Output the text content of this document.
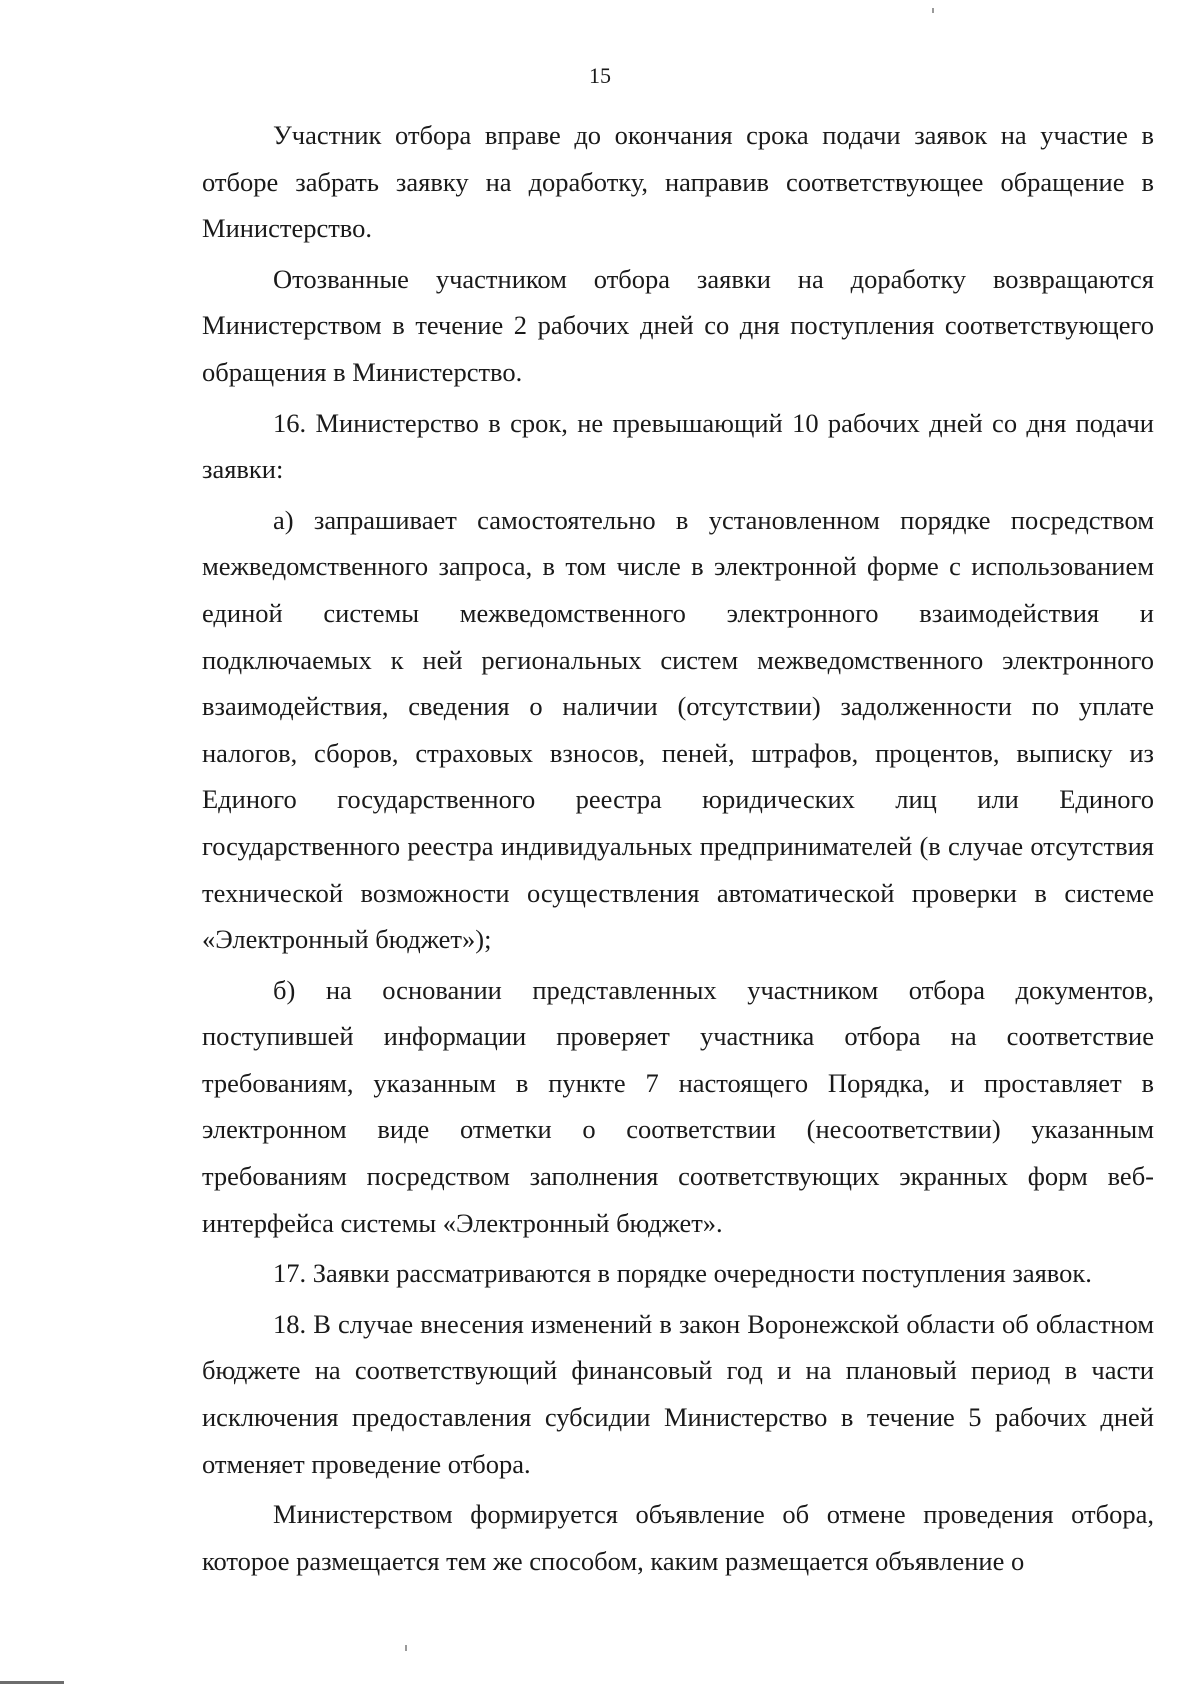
15

Участник отбора вправе до окончания срока подачи заявок на участие в отборе забрать заявку на доработку, направив соответствующее обращение в Министерство.

Отозванные участником отбора заявки на доработку возвращаются Министерством в течение 2 рабочих дней со дня поступления соответствующего обращения в Министерство.

16. Министерство в срок, не превышающий 10 рабочих дней со дня подачи заявки:

а) запрашивает самостоятельно в установленном порядке посредством межведомственного запроса, в том числе в электронной форме с использованием единой системы межведомственного электронного взаимодействия и подключаемых к ней региональных систем межведомственного электронного взаимодействия, сведения о наличии (отсутствии) задолженности по уплате налогов, сборов, страховых взносов, пеней, штрафов, процентов, выписку из Единого государственного реестра юридических лиц или Единого государственного реестра индивидуальных предпринимателей (в случае отсутствия технической возможности осуществления автоматической проверки в системе «Электронный бюджет»);

б) на основании представленных участником отбора документов, поступившей информации проверяет участника отбора на соответствие требованиям, указанным в пункте 7 настоящего Порядка, и проставляет в электронном виде отметки о соответствии (несоответствии) указанным требованиям посредством заполнения соответствующих экранных форм веб-интерфейса системы «Электронный бюджет».

17. Заявки рассматриваются в порядке очередности поступления заявок.

18. В случае внесения изменений в закон Воронежской области об областном бюджете на соответствующий финансовый год и на плановый период в части исключения предоставления субсидии Министерство в течение 5 рабочих дней отменяет проведение отбора.

Министерством формируется объявление об отмене проведения отбора, которое размещается тем же способом, каким размещается объявление о
